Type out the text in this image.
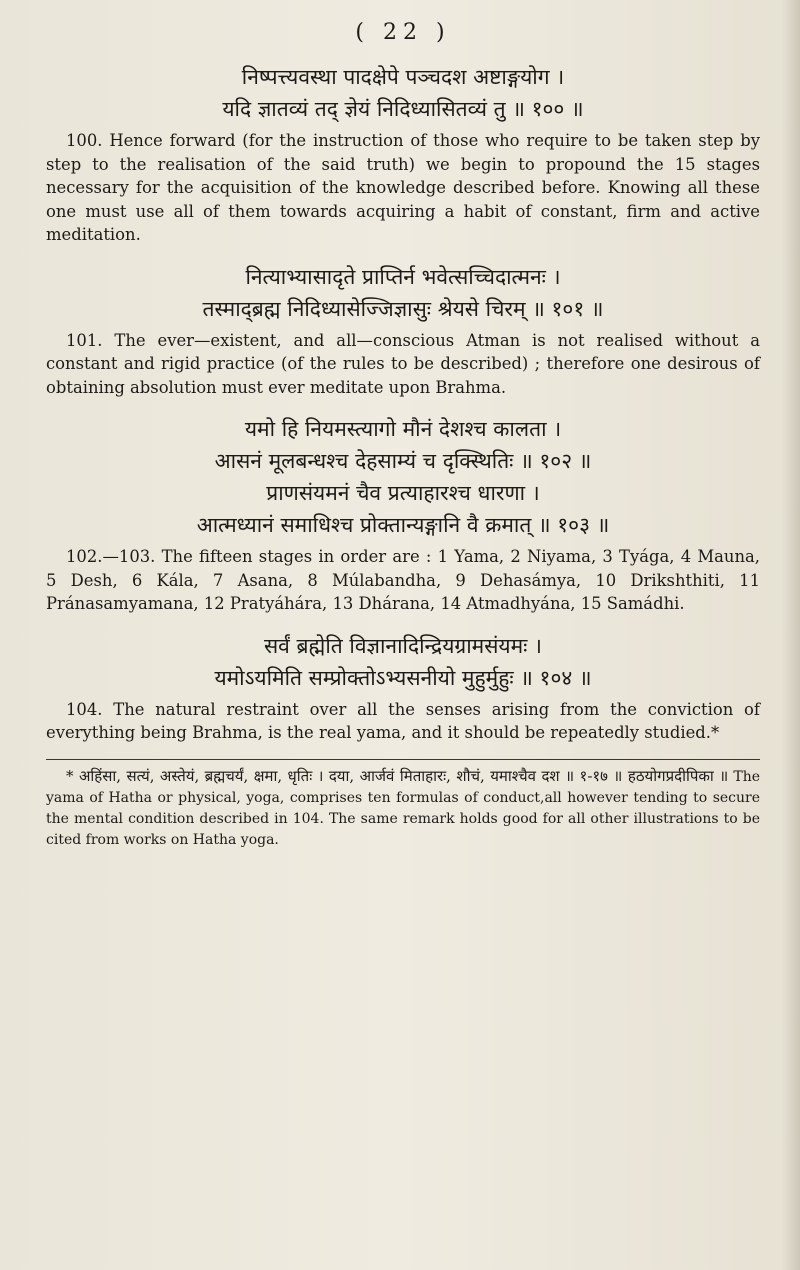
( 22 )

निष्पत्त्यवस्था पादक्षेपे पञ्चदश अष्टाङ्गयोग ।
यदि ज्ञातव्यं तद् ज्ञेयं निदिध्यासितव्यं तु ॥ १०० ॥

100. Hence forward (for the instruction of those who require to be taken step by step to the realisation of the said truth) we begin to propound the 15 stages necessary for the acquisition of the knowledge described before. Knowing all these one must use all of them towards acquiring a habit of constant, firm and active meditation.

नित्याभ्यासादृते प्राप्तिर्न भवेत्सच्चिदात्मनः ।
तस्माद्ब्रह्म निदिध्यासेज्जिज्ञासुः श्रेयसे चिरम् ॥ १०१ ॥

101. The ever—existent, and all—conscious Atman is not realised without a constant and rigid practice (of the rules to be described) ; therefore one desirous of obtaining absolution must ever meditate upon Brahma.

यमो हि नियमस्त्यागो मौनं देशश्च कालता ।
आसनं मूलबन्धश्च देहसाम्यं च दृक्स्थितिः ॥ १०२ ॥
प्राणसंयमनं चैव प्रत्याहारश्च धारणा ।
आत्मध्यानं समाधिश्च प्रोक्तान्यङ्गानि वै क्रमात् ॥ १०३ ॥

102.—103. The fifteen stages in order are : 1 Yama, 2 Niyama, 3 Tyága, 4 Mauna, 5 Desh, 6 Kála, 7 Asana, 8 Múlabandha, 9 Dehasámya, 10 Drikshthiti, 11 Pránasamyamana, 12 Pratyáhára, 13 Dhárana, 14 Atmadhyána, 15 Samádhi.

सर्वं ब्रह्मेति विज्ञानादिन्द्रियग्रामसंयमः ।
यमोऽयमिति सम्प्रोक्तोऽभ्यसनीयो मुहुर्मुहुः ॥ १०४ ॥

104. The natural restraint over all the senses arising from the conviction of everything being Brahma, is the real yama, and it should be repeatedly studied.*

* अहिंसा, सत्यं, अस्तेयं, ब्रह्मचर्यं, क्षमा, धृतिः । दया, आर्जवं मिताहारः, शौचं, यमाश्चैव दश ॥ १-१७ ॥ हठयोगप्रदीपिका ॥ The yama of Hatha or physical, yoga, comprises ten formulas of conduct,all however tending to secure the mental condition described in 104. The same remark holds good for all other illustrations to be cited from works on Hatha yoga.
